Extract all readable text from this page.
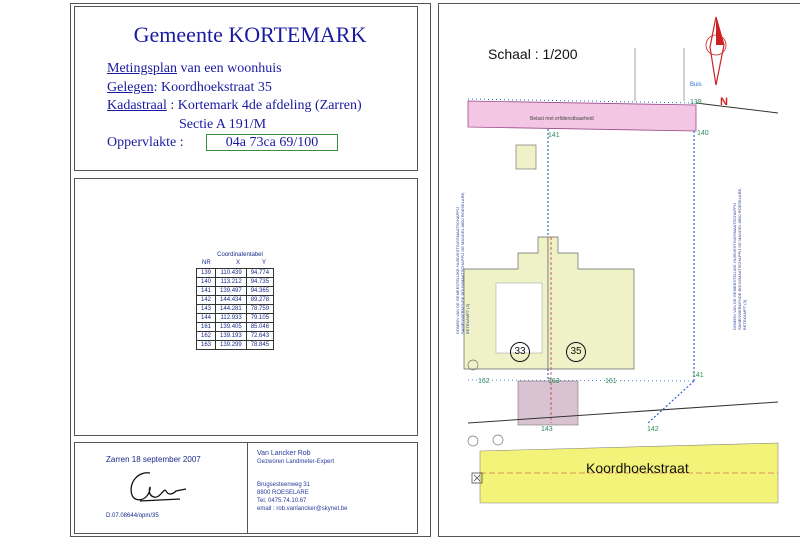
Gemeente KORTEMARK
Metingsplan van een woonhuis
Gelegen: Koordhoekstraat 35
Kadastraal : Kortemark 4de afdeling (Zarren)
Sectie A 191/M
Oppervlakte :	04a 73ca 69/100
Coordinatentabel
NR	X	Y
139	110.439	94.774
140	113.212	94.735
141	139.497	94.365
142	144.434	89.278
143	144.281	78.759
144	112.933	79.105
161	139.405	85.046
162	139.193	72.643
163	139.299	78.845
Zarren 18 september 2007
D.07.08644/opm/35
Van Lancker Rob
Gezworen Landmeter-Expert
Brugsesteenweg 31
8800 ROESELARE
Tel. 0475.74.10.67
email : rob.vanlancker@skynet.be
Schaal : 1/200
N
Belast met erfdienstbaarheid
Buis
Koordhoekstraat
33	35
DOMEIN VAN DE GEMEESTELIJKE HUISVESTINGSMAATSCHAPPIJ SAMENWERKENDE BOUWMAATSCHAPPIJ DE MANDEL 8800 ROESELARE, BETEKAMPT (3)	DOMEIN VAN DE GEMEESTELIJKE HUISVESTINGSMAATSCHAPPIJ SAMENWERKENDE BOUWMAATSCHAPPIJ DE MANDEL 8800 ROESELARE, BETEKAMPT (3)
139
140
141
141
142
143
161
162	163
